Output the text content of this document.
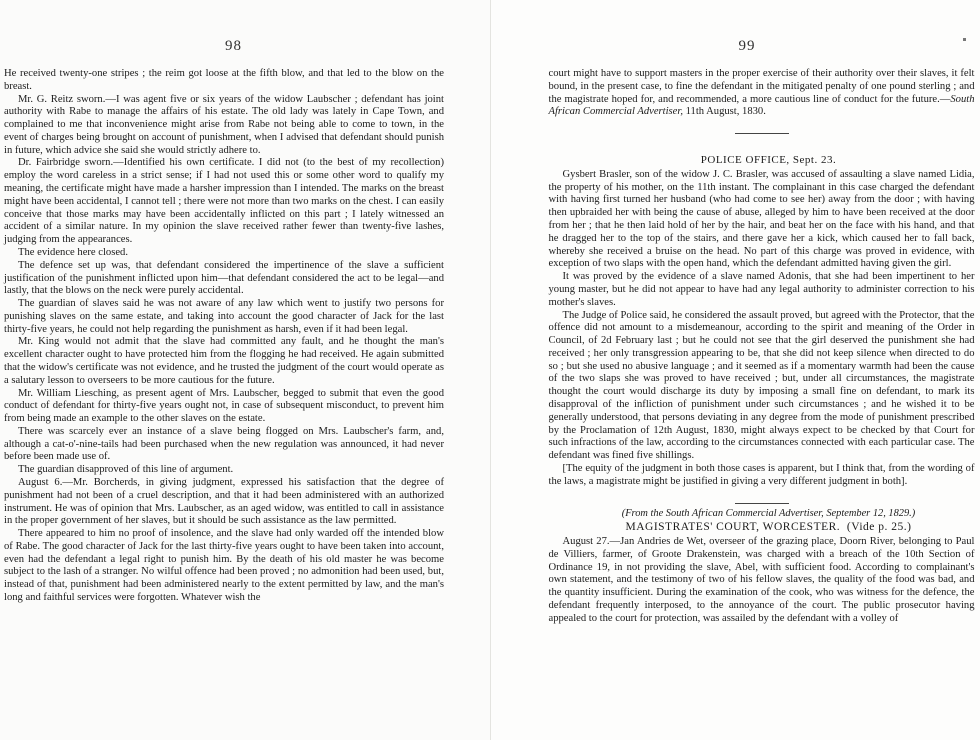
98

He received twenty-one stripes ; the reim got loose at the fifth blow, and that led to the blow on the breast.

Mr. G. Reitz sworn.—I was agent five or six years of the widow Laubscher ; defendant has joint authority with Rabe to manage the affairs of his estate. The old lady was lately in Cape Town, and complained to me that inconvenience might arise from Rabe not being able to come to town, in the event of charges being brought on account of punishment, when I advised that defendant should punish in future, which advice she said she would strictly adhere to.

Dr. Fairbridge sworn.—Identified his own certificate. I did not (to the best of my recollection) employ the word careless in a strict sense; if I had not used this or some other word to qualify my meaning, the certificate might have made a harsher impression than I intended. The marks on the breast might have been accidental, I cannot tell ; there were not more than two marks on the chest. I can easily conceive that those marks may have been accidentally inflicted on this part ; I lately witnessed an accident of a similar nature. In my opinion the slave received rather fewer than twenty-five lashes, judging from the appearances.

The evidence here closed.

The defence set up was, that defendant considered the impertinence of the slave a sufficient justification of the punishment inflicted upon him—that defendant considered the act to be legal—and lastly, that the blows on the neck were purely accidental.

The guardian of slaves said he was not aware of any law which went to justify two persons for punishing slaves on the same estate, and taking into account the good character of Jack for the last thirty-five years, he could not help regarding the punishment as harsh, even if it had been legal.

Mr. King would not admit that the slave had committed any fault, and he thought the man's excellent character ought to have protected him from the flogging he had received. He again submitted that the widow's certificate was not evidence, and he trusted the judgment of the court would operate as a salutary lesson to overseers to be more cautious for the future.

Mr. William Liesching, as present agent of Mrs. Laubscher, begged to submit that even the good conduct of defendant for thirty-five years ought not, in case of subsequent misconduct, to prevent him from being made an example to the other slaves on the estate.

There was scarcely ever an instance of a slave being flogged on Mrs. Laubscher's farm, and, although a cat-o'-nine-tails had been purchased when the new regulation was announced, it had never before been made use of.

The guardian disapproved of this line of argument.

August 6.—Mr. Borcherds, in giving judgment, expressed his satisfaction that the degree of punishment had not been of a cruel description, and that it had been administered with an authorized instrument. He was of opinion that Mrs. Laubscher, as an aged widow, was entitled to call in assistance in the proper government of her slaves, but it should be such assistance as the law permitted.

There appeared to him no proof of insolence, and the slave had only warded off the intended blow of Rabe. The good character of Jack for the last thirty-five years ought to have been taken into account, even had the defendant a legal right to punish him. By the death of his old master he was become subject to the lash of a stranger. No wilful offence had been proved ; no admonition had been used, but, instead of that, punishment had been administered nearly to the extent permitted by law, and the man's long and faithful services were forgotten. Whatever wish the

99

court might have to support masters in the proper exercise of their authority over their slaves, it felt bound, in the present case, to fine the defendant in the mitigated penalty of one pound sterling ; and the magistrate hoped for, and recommended, a more cautious line of conduct for the future.—South African Commercial Advertiser, 11th August, 1830.

POLICE OFFICE, Sept. 23.

Gysbert Brasler, son of the widow J. C. Brasler, was accused of assaulting a slave named Lidia, the property of his mother, on the 11th instant. The complainant in this case charged the defendant with having first turned her husband (who had come to see her) away from the door ; with having then upbraided her with being the cause of abuse, alleged by him to have been received at the door from her ; that he then laid hold of her by the hair, and beat her on the face with his hand, and that he dragged her to the top of the stairs, and there gave her a kick, which caused her to fall back, whereby she received a bruise on the head. No part of this charge was proved in evidence, with exception of two slaps with the open hand, which the defendant admitted having given the girl.

It was proved by the evidence of a slave named Adonis, that she had been impertinent to her young master, but he did not appear to have had any legal authority to administer correction to his mother's slaves.

The Judge of Police said, he considered the assault proved, but agreed with the Protector, that the offence did not amount to a misdemeanour, according to the spirit and meaning of the Order in Council, of 2d February last ; but he could not see that the girl deserved the punishment she had received ; her only transgression appearing to be, that she did not keep silence when directed to do so ; but she used no abusive language ; and it seemed as if a momentary warmth had been the cause of the two slaps she was proved to have received ; but, under all circumstances, the magistrate thought the court would discharge its duty by imposing a small fine on defendant, to mark its disapproval of the infliction of punishment under such circumstances ; and he wished it to be generally understood, that persons deviating in any degree from the mode of punishment prescribed by the Proclamation of 12th August, 1830, might always expect to be checked by that Court for such infractions of the law, according to the circumstances connected with each particular case. The defendant was fined five shillings.

[The equity of the judgment in both those cases is apparent, but I think that, from the wording of the laws, a magistrate might be justified in giving a very different judgment in both].

(From the South African Commercial Advertiser, September 12, 1829.)

MAGISTRATES' COURT, WORCESTER. (Vide p. 25.)

August 27.—Jan Andries de Wet, overseer of the grazing place, Doorn River, belonging to Paul de Villiers, farmer, of Groote Drakenstein, was charged with a breach of the 10th Section of Ordinance 19, in not providing the slave, Abel, with sufficient food. According to complainant's own statement, and the testimony of two of his fellow slaves, the quality of the food was bad, and the quantity insufficient. During the examination of the cook, who was witness for the defence, the defendant frequently interposed, to the annoyance of the court. The public prosecutor having appealed to the court for protection, was assailed by the defendant with a volley of
